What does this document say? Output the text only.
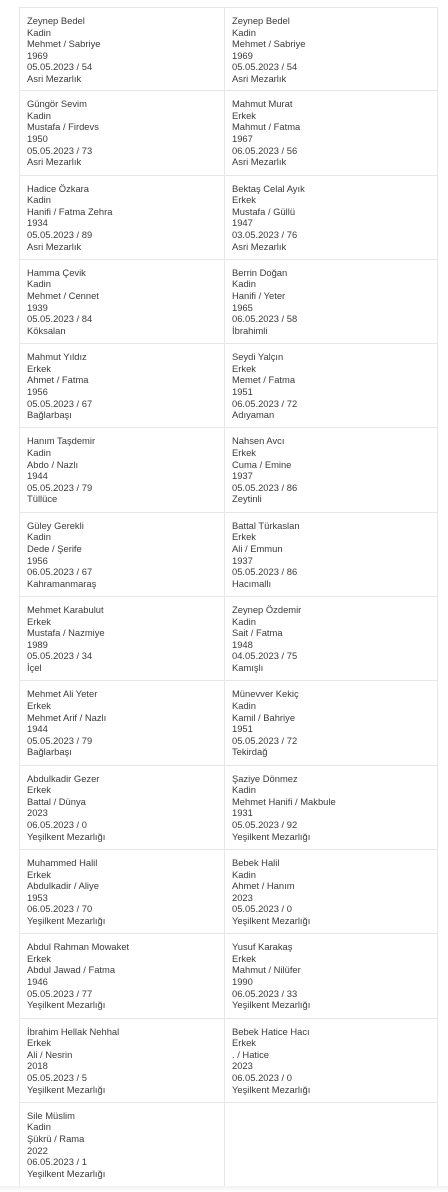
Zeynep Bedel
Kadin
Mehmet / Sabriye
1969
05.05.2023 / 54
Asri Mezarlık
Zeynep Bedel
Kadin
Mehmet / Sabriye
1969
05.05.2023 / 54
Asri Mezarlık
Güngör Sevim
Kadin
Mustafa / Firdevs
1950
05.05.2023 / 73
Asri Mezarlık
Mahmut Murat
Erkek
Mahmut / Fatma
1967
06.05.2023 / 56
Asri Mezarlık
Hadice Özkara
Kadin
Hanifi / Fatma Zehra
1934
05.05.2023 / 89
Asri Mezarlık
Bektaş Celal Ayık
Erkek
Mustafa / Güllü
1947
03.05.2023 / 76
Asri Mezarlık
Hamma Çevik
Kadin
Mehmet / Cennet
1939
05.05.2023 / 84
Köksalan
Berrin Doğan
Kadin
Hanifi / Yeter
1965
06.05.2023 / 58
İbrahimli
Mahmut Yıldız
Erkek
Ahmet / Fatma
1956
05.05.2023 / 67
Bağlarbaşı
Seydi Yalçın
Erkek
Memet / Fatma
1951
06.05.2023 / 72
Adıyaman
Hanım Taşdemir
Kadin
Abdo / Nazlı
1944
05.05.2023 / 79
Tüllüce
Nahsen Avcı
Erkek
Cuma / Emine
1937
05.05.2023 / 86
Zeytinli
Güley Gerekli
Kadin
Dede / Şerife
1956
06.05.2023 / 67
Kahramanmaraş
Battal Türkaslan
Erkek
Ali / Emmun
1937
05.05.2023 / 86
Hacımallı
Mehmet Karabulut
Erkek
Mustafa / Nazmiye
1989
05.05.2023 / 34
İçel
Zeynep Özdemir
Kadin
Sait / Fatma
1948
04.05.2023 / 75
Kamışlı
Mehmet Ali Yeter
Erkek
Mehmet Arif / Nazlı
1944
05.05.2023 / 79
Bağlarbaşı
Münevver Kekiç
Kadin
Kamil / Bahriye
1951
05.05.2023 / 72
Tekirdağ
Abdulkadir Gezer
Erkek
Battal / Dünya
2023
06.05.2023 / 0
Yeşilkent Mezarlığı
Şaziye Dönmez
Kadin
Mehmet Hanifi / Makbule
1931
05.05.2023 / 92
Yeşilkent Mezarlığı
Muhammed Halil
Erkek
Abdulkadir / Aliye
1953
06.05.2023 / 70
Yeşilkent Mezarlığı
Bebek Halil
Kadin
Ahmet / Hanım
2023
05.05.2023 / 0
Yeşilkent Mezarlığı
Abdul Rahman Mowaket
Erkek
Abdul Jawad / Fatma
1946
05.05.2023 / 77
Yeşilkent Mezarlığı
Yusuf Karakaş
Erkek
Mahmut / Nilüfer
1990
06.05.2023 / 33
Yeşilkent Mezarlığı
İbrahim Hellak Nehhal
Erkek
Ali / Nesrin
2018
05.05.2023 / 5
Yeşilkent Mezarlığı
Bebek Hatice Hacı
Erkek
. / Hatice
2023
06.05.2023 / 0
Yeşilkent Mezarlığı
Sile Müslim
Kadin
Şükrü / Rama
2022
06.05.2023 / 1
Yeşilkent Mezarlığı
